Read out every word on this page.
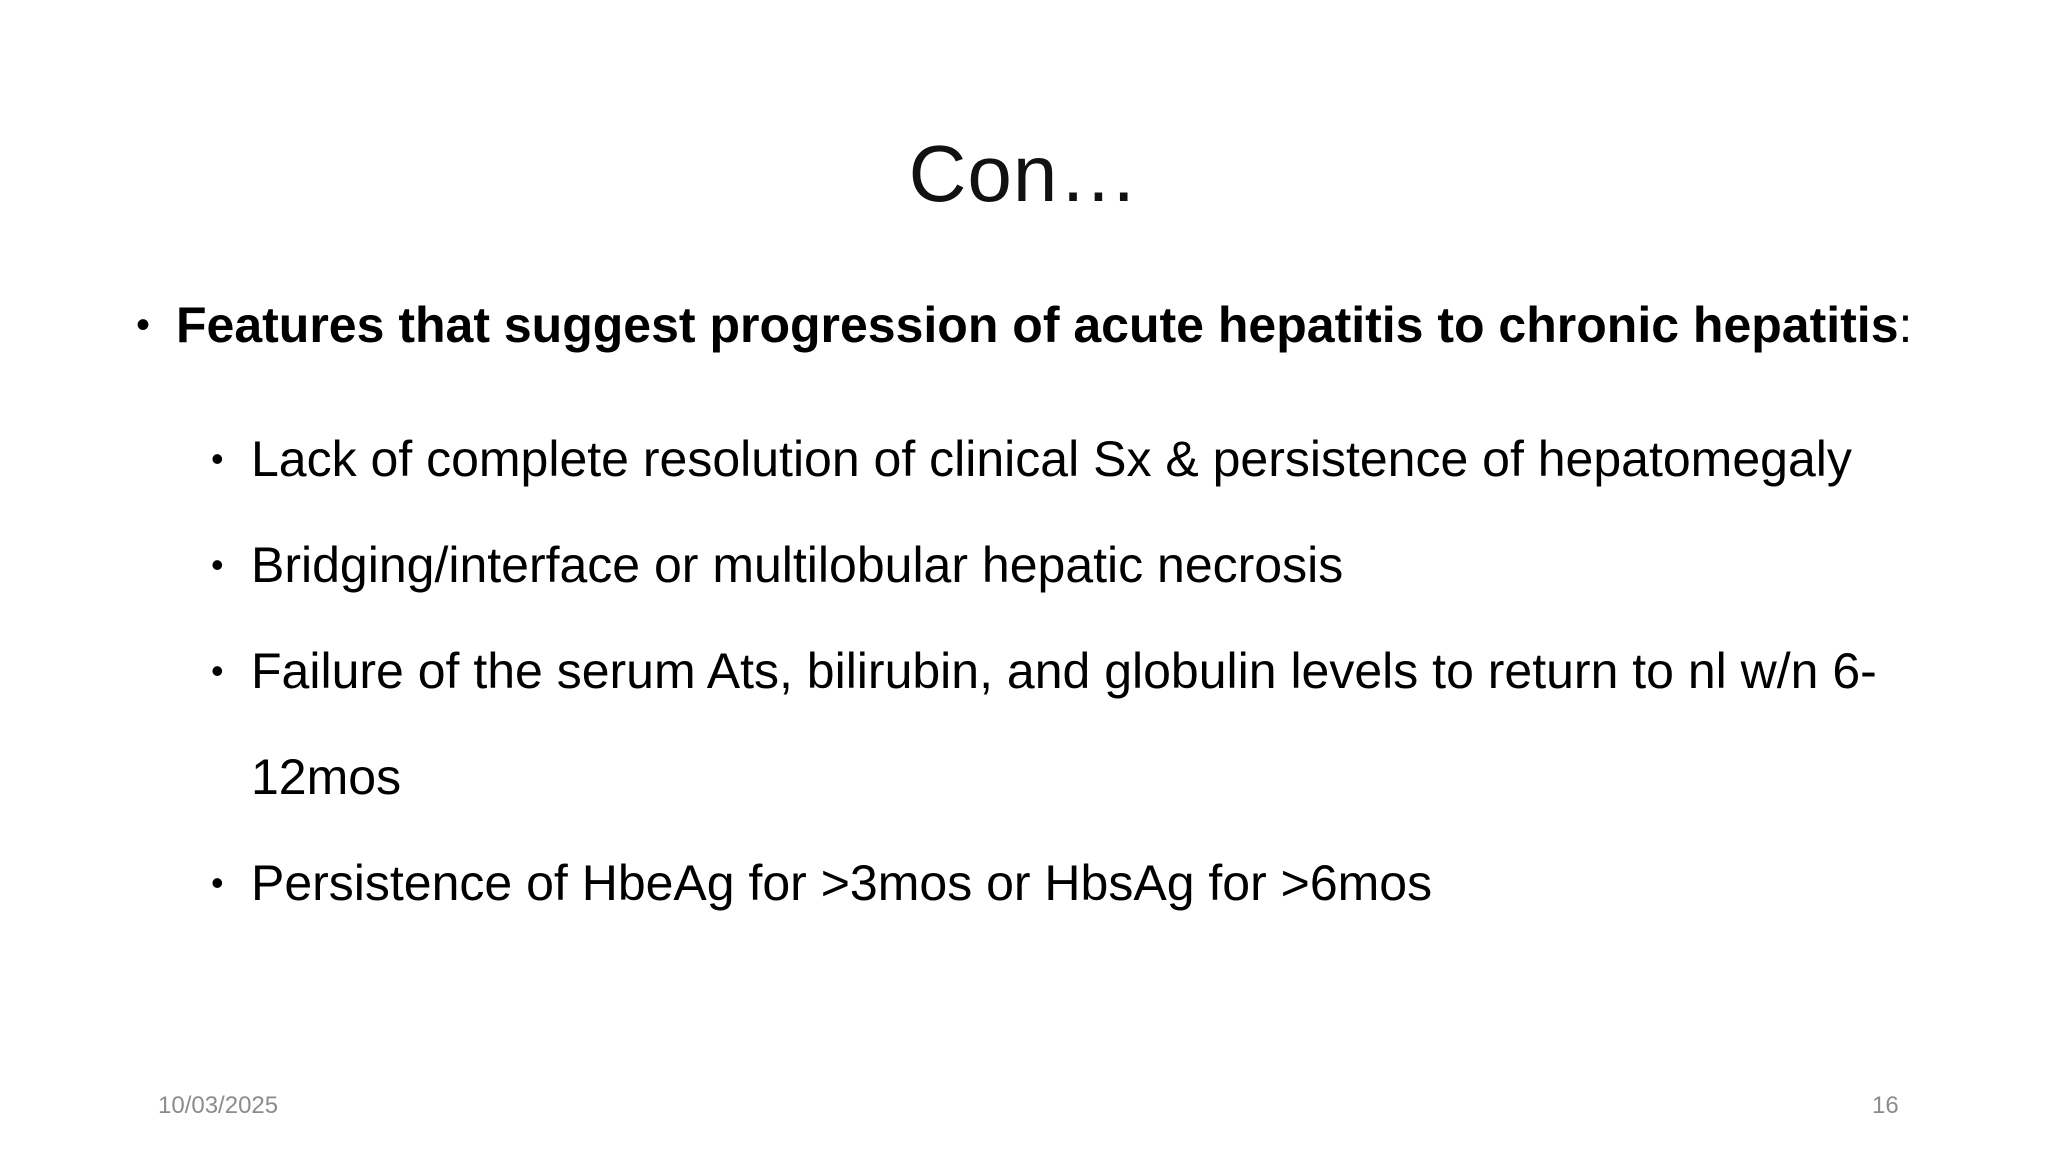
Con…
• Features that suggest progression of acute hepatitis to chronic hepatitis:
• Lack of complete resolution of clinical Sx & persistence of hepatomegaly
• Bridging/interface or multilobular hepatic necrosis
• Failure of the serum Ats, bilirubin, and globulin levels to return to nl w/n 6-12mos
• Persistence of HbeAg for >3mos or HbsAg for >6mos
10/03/2025	16
